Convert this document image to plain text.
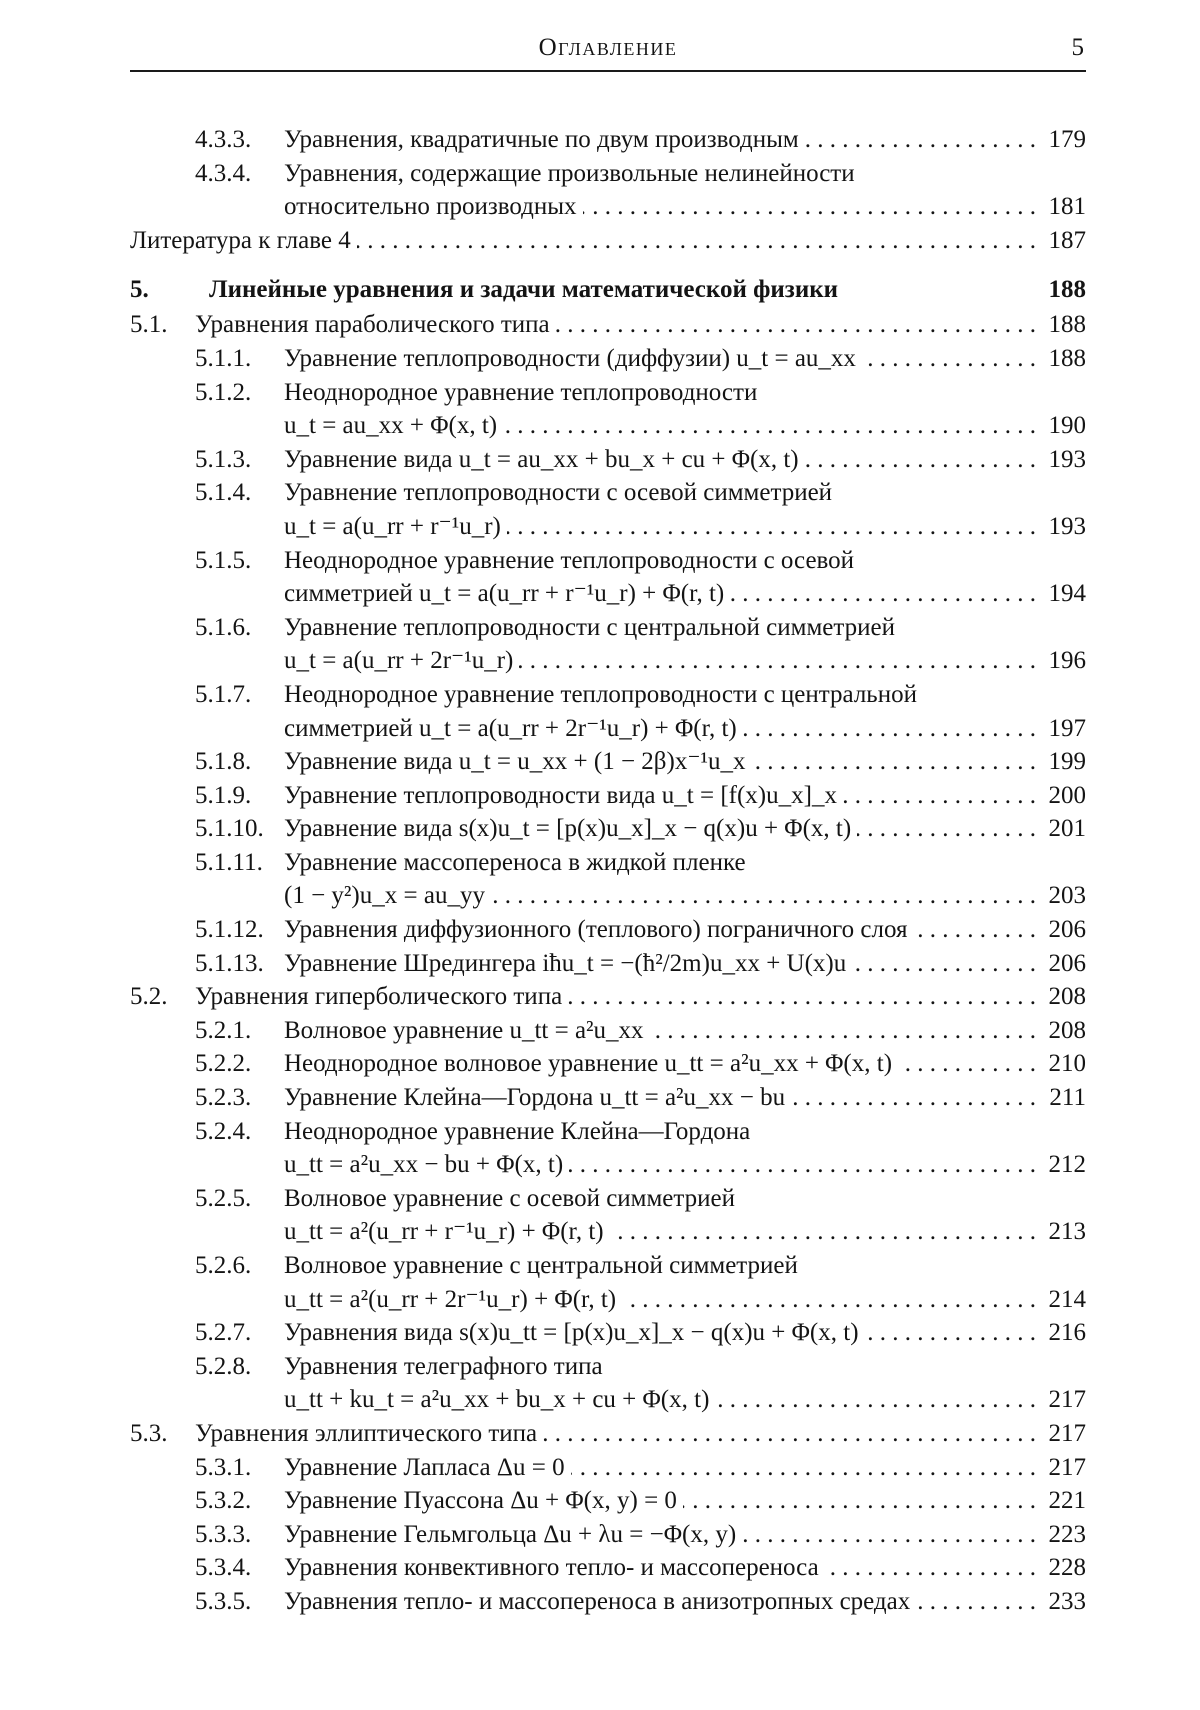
Оглавление	5
4.3.3.	Уравнения, квадратичные по двум производным . . .	179
4.3.4.	Уравнения, содержащие произвольные нелинейности
относительно производных . . .	181
Литература к главе 4 . . .	187
5.	Линейные уравнения и задачи математической физики	188
5.1.	Уравнения параболического типа . . .	188
5.1.1.	Уравнение теплопроводности (диффузии) u_t = au_xx . . .	188
5.1.2.	Неоднородное уравнение теплопроводности
u_t = au_xx + Φ(x, t) . . .	190
5.1.3.	Уравнение вида u_t = au_xx + bu_x + cu + Φ(x, t) . . .	193
5.1.4.	Уравнение теплопроводности с осевой симметрией
u_t = a(u_rr + r⁻¹u_r) . . .	193
5.1.5.	Неоднородное уравнение теплопроводности с осевой
симметрией u_t = a(u_rr + r⁻¹u_r) + Φ(r, t) . . .	194
5.1.6.	Уравнение теплопроводности с центральной симметрией
u_t = a(u_rr + 2r⁻¹u_r) . . .	196
5.1.7.	Неоднородное уравнение теплопроводности с центральной
симметрией u_t = a(u_rr + 2r⁻¹u_r) + Φ(r, t) . . .	197
5.1.8.	Уравнение вида u_t = u_xx + (1 − 2β)x⁻¹u_x . . .	199
5.1.9.	Уравнение теплопроводности вида u_t = [f(x)u_x]_x . . .	200
5.1.10. Уравнение вида s(x)u_t = [p(x)u_x]_x − q(x)u + Φ(x, t) . . .	201
5.1.11. Уравнение массопереноса в жидкой пленке
(1 − y²)u_x = au_yy . . .	203
5.1.12. Уравнения диффузионного (теплового) пограничного слоя . . .	206
5.1.13. Уравнение Шредингера iħu_t = −(ħ²/2m)u_xx + U(x)u . . .	206
5.2.	Уравнения гиперболического типа . . .	208
5.2.1.	Волновое уравнение u_tt = a²u_xx . . .	208
5.2.2.	Неоднородное волновое уравнение u_tt = a²u_xx + Φ(x, t) . . .	210
5.2.3.	Уравнение Клейна—Гордона u_tt = a²u_xx − bu . . .	211
5.2.4.	Неоднородное уравнение Клейна—Гордона
u_tt = a²u_xx − bu + Φ(x, t) . . .	212
5.2.5.	Волновое уравнение с осевой симметрией
u_tt = a²(u_rr + r⁻¹u_r) + Φ(r, t) . . .	213
5.2.6.	Волновое уравнение с центральной симметрией
u_tt = a²(u_rr + 2r⁻¹u_r) + Φ(r, t) . . .	214
5.2.7.	Уравнения вида s(x)u_tt = [p(x)u_x]_x − q(x)u + Φ(x, t) . . .	216
5.2.8.	Уравнения телеграфного типа
u_tt + ku_t = a²u_xx + bu_x + cu + Φ(x, t) . . .	217
5.3.	Уравнения эллиптического типа . . .	217
5.3.1.	Уравнение Лапласа Δu = 0 . . .	217
5.3.2.	Уравнение Пуассона Δu + Φ(x, y) = 0 . . .	221
5.3.3.	Уравнение Гельмгольца Δu + λu = −Φ(x, y) . . .	223
5.3.4.	Уравнения конвективного тепло- и массопереноса . . .	228
5.3.5.	Уравнения тепло- и массопереноса в анизотропных средах . . .	233
